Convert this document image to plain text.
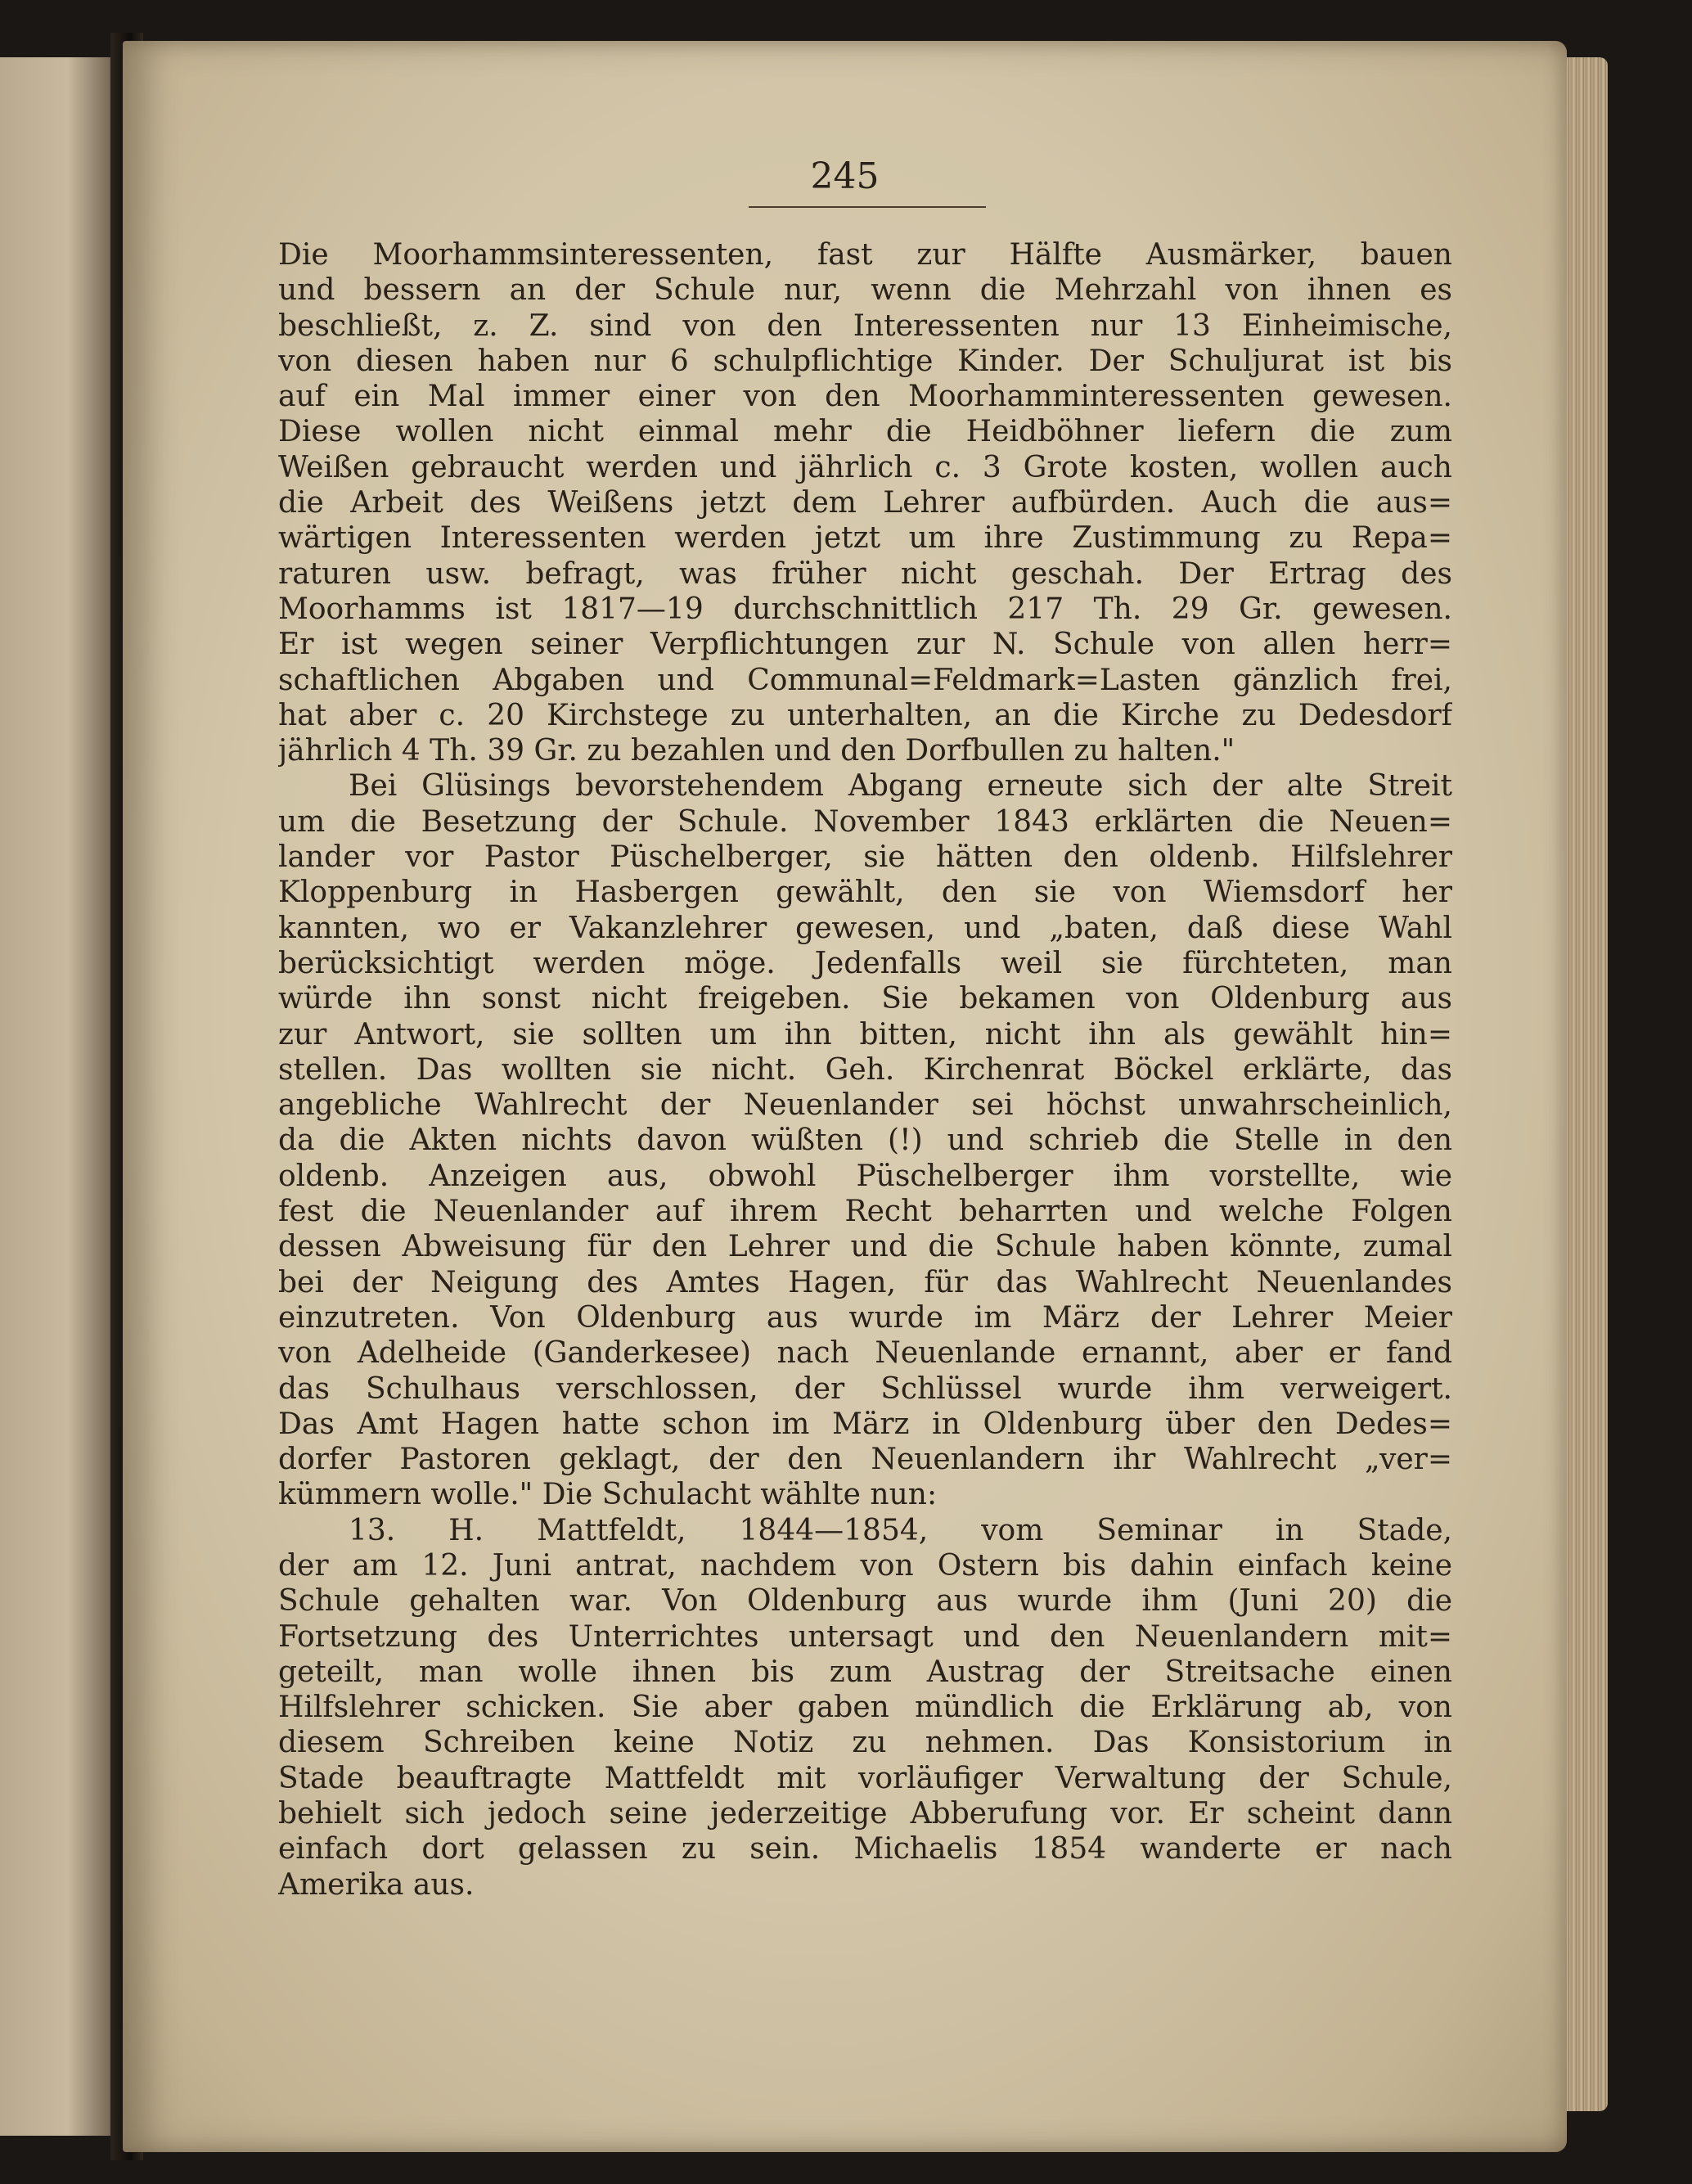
245
Die Moorhammsinteressenten, fast zur Hälfte Ausmärker, bauen
und bessern an der Schule nur, wenn die Mehrzahl von ihnen es
beschließt, z. Z. sind von den Interessenten nur 13 Einheimische,
von diesen haben nur 6 schulpflichtige Kinder. Der Schuljurat ist bis
auf ein Mal immer einer von den Moorhamminteressenten gewesen.
Diese wollen nicht einmal mehr die Heidböhner liefern die zum
Weißen gebraucht werden und jährlich c. 3 Grote kosten, wollen auch
die Arbeit des Weißens jetzt dem Lehrer aufbürden. Auch die aus=
wärtigen Interessenten werden jetzt um ihre Zustimmung zu Repa=
raturen usw. befragt, was früher nicht geschah. Der Ertrag des
Moorhamms ist 1817—19 durchschnittlich 217 Th. 29 Gr. gewesen.
Er ist wegen seiner Verpflichtungen zur N. Schule von allen herr=
schaftlichen Abgaben und Communal=Feldmark=Lasten gänzlich frei,
hat aber c. 20 Kirchstege zu unterhalten, an die Kirche zu Dedesdorf
jährlich 4 Th. 39 Gr. zu bezahlen und den Dorfbullen zu halten."
Bei Glüsings bevorstehendem Abgang erneute sich der alte Streit
um die Besetzung der Schule. November 1843 erklärten die Neuen=
lander vor Pastor Püschelberger, sie hätten den oldenb. Hilfslehrer
Kloppenburg in Hasbergen gewählt, den sie von Wiemsdorf her
kannten, wo er Vakanzlehrer gewesen, und „baten, daß diese Wahl
berücksichtigt werden möge. Jedenfalls weil sie fürchteten, man
würde ihn sonst nicht freigeben. Sie bekamen von Oldenburg aus
zur Antwort, sie sollten um ihn bitten, nicht ihn als gewählt hin=
stellen. Das wollten sie nicht. Geh. Kirchenrat Böckel erklärte, das
angebliche Wahlrecht der Neuenlander sei höchst unwahrscheinlich,
da die Akten nichts davon wüßten (!) und schrieb die Stelle in den
oldenb. Anzeigen aus, obwohl Püschelberger ihm vorstellte, wie
fest die Neuenlander auf ihrem Recht beharrten und welche Folgen
dessen Abweisung für den Lehrer und die Schule haben könnte, zumal
bei der Neigung des Amtes Hagen, für das Wahlrecht Neuenlandes
einzutreten. Von Oldenburg aus wurde im März der Lehrer Meier
von Adelheide (Ganderkesee) nach Neuenlande ernannt, aber er fand
das Schulhaus verschlossen, der Schlüssel wurde ihm verweigert.
Das Amt Hagen hatte schon im März in Oldenburg über den Dedes=
dorfer Pastoren geklagt, der den Neuenlandern ihr Wahlrecht „ver=
kümmern wolle." Die Schulacht wählte nun:
13. H. Mattfeldt, 1844—1854, vom Seminar in Stade,
der am 12. Juni antrat, nachdem von Ostern bis dahin einfach keine
Schule gehalten war. Von Oldenburg aus wurde ihm (Juni 20) die
Fortsetzung des Unterrichtes untersagt und den Neuenlandern mit=
geteilt, man wolle ihnen bis zum Austrag der Streitsache einen
Hilfslehrer schicken. Sie aber gaben mündlich die Erklärung ab, von
diesem Schreiben keine Notiz zu nehmen. Das Konsistorium in
Stade beauftragte Mattfeldt mit vorläufiger Verwaltung der Schule,
behielt sich jedoch seine jederzeitige Abberufung vor. Er scheint dann
einfach dort gelassen zu sein. Michaelis 1854 wanderte er nach
Amerika aus.
